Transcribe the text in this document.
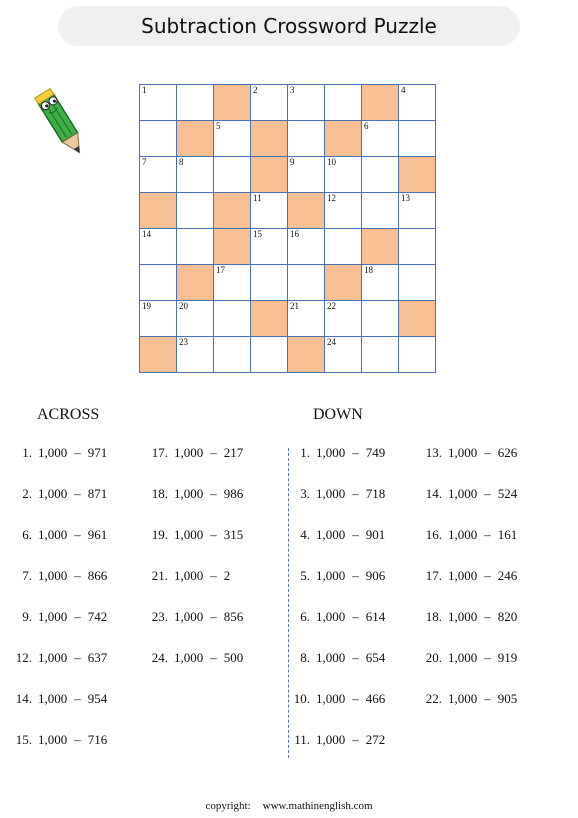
Subtraction Crossword Puzzle
1	2	3	4
5	6
7	8	9	10
11	12	13
14	15	16
17	18
19	20	21	22
23	24
ACROSS	DOWN
1. 1,000 – 971
2. 1,000 – 871
6. 1,000 – 961
7. 1,000 – 866
9. 1,000 – 742
12. 1,000 – 637
14. 1,000 – 954
15. 1,000 – 716
17. 1,000 – 217
18. 1,000 – 986
19. 1,000 – 315
21. 1,000 – 2
23. 1,000 – 856
24. 1,000 – 500
1. 1,000 – 749
3. 1,000 – 718
4. 1,000 – 901
5. 1,000 – 906
6. 1,000 – 614
8. 1,000 – 654
10. 1,000 – 466
11. 1,000 – 272
13. 1,000 – 626
14. 1,000 – 524
16. 1,000 – 161
17. 1,000 – 246
18. 1,000 – 820
20. 1,000 – 919
22. 1,000 – 905
copyright: www.mathinenglish.com
